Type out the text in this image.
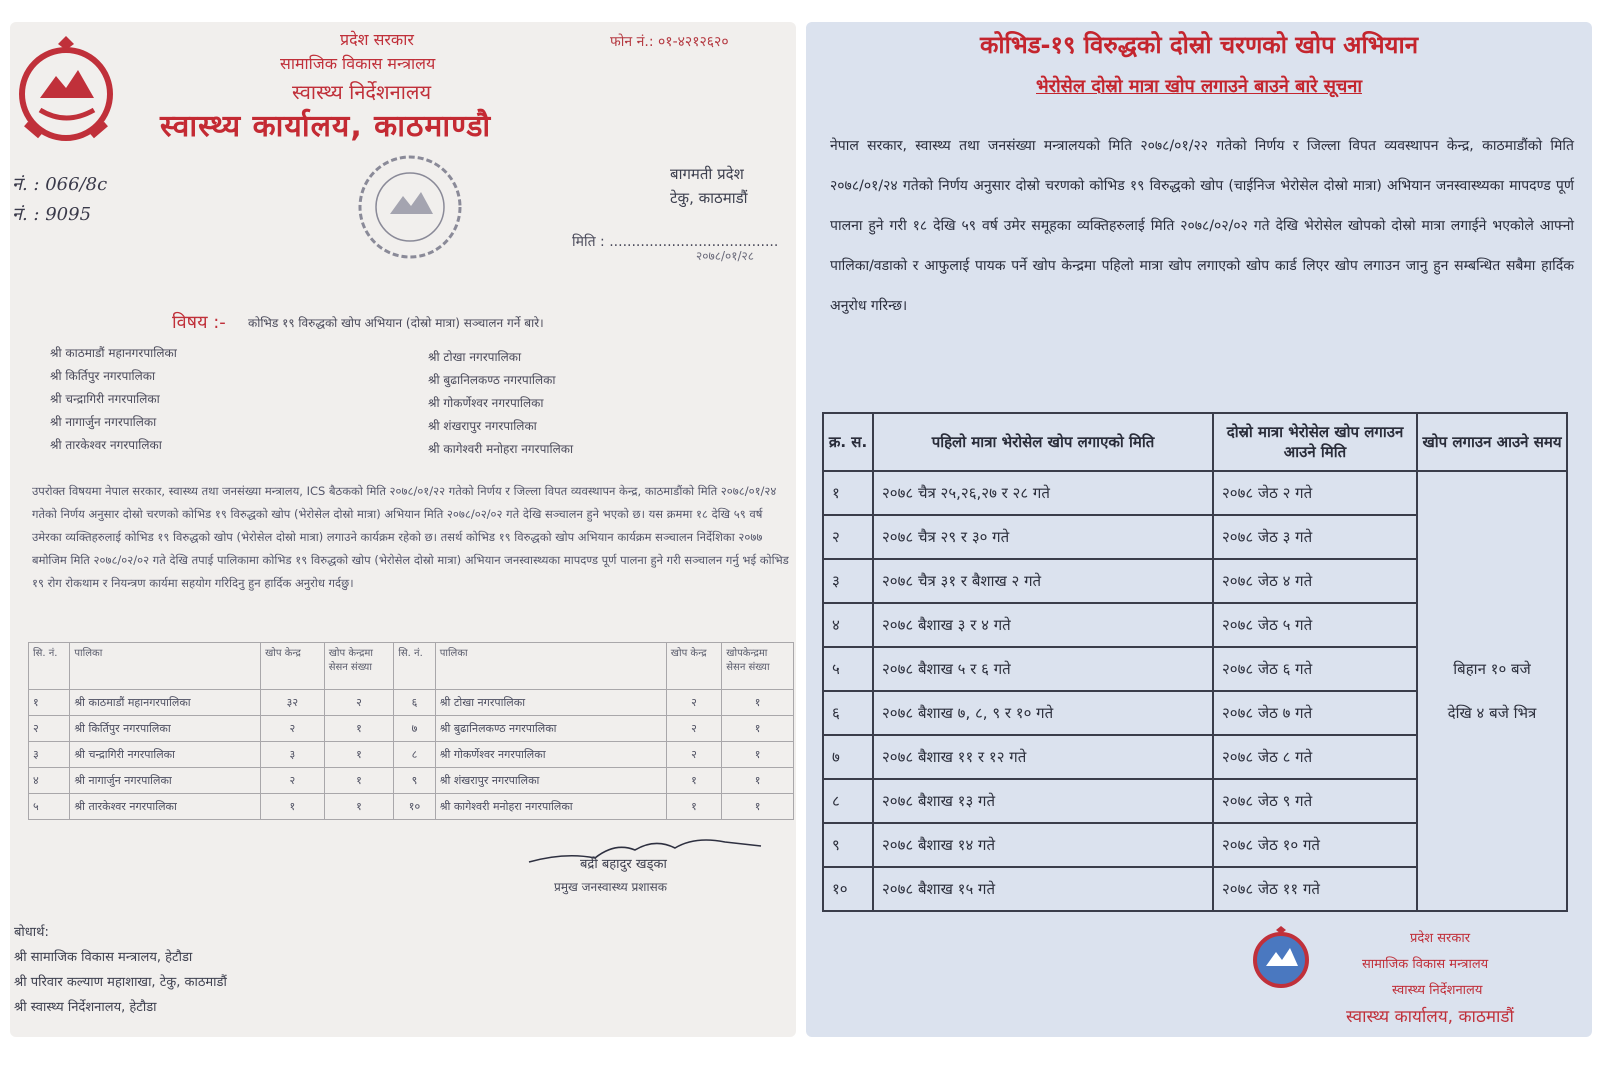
प्रदेश सरकार
सामाजिक विकास मन्त्रालय
स्वास्थ्य निर्देशनालय
स्वास्थ्य कार्यालय, काठमाण्डौ
फोन नं.: ०१-४२१२६२०
नं. : 066/8c
नं. : 9095
बागमती प्रदेश
टेकु, काठमाडौं
मिति : ......................................
२०७८/०१/२८
विषय :- कोभिड १९ विरुद्धको खोप अभियान (दोस्रो मात्रा) सञ्चालन गर्ने बारे।
श्री काठमाडौं महानगरपालिका
श्री किर्तिपुर नगरपालिका
श्री चन्द्रागिरी नगरपालिका
श्री नागार्जुन नगरपालिका
श्री तारकेश्वर नगरपालिका
श्री टोखा नगरपालिका
श्री बुढानिलकण्ठ नगरपालिका
श्री गोकर्णेश्वर नगरपालिका
श्री शंखरापुर नगरपालिका
श्री कागेश्वरी मनोहरा नगरपालिका
उपरोक्त विषयमा नेपाल सरकार, स्वास्थ्य तथा जनसंख्या मन्त्रालय, ICS बैठकको मिति २०७८/०१/२२ गतेको निर्णय र जिल्ला विपत व्यवस्थापन केन्द्र, काठमाडौंको मिति २०७८/०१/२४ गतेको निर्णय अनुसार दोस्रो चरणको कोभिड १९ विरुद्धको खोप (भेरोसेल दोस्रो मात्रा) अभियान मिति २०७८/०२/०२ गते देखि सञ्चालन हुने भएको छ। यस क्रममा १८ देखि ५९ वर्ष उमेरका व्यक्तिहरुलाई कोभिड १९ विरुद्धको खोप (भेरोसेल दोस्रो मात्रा) लगाउने कार्यक्रम रहेको छ। तसर्थ कोभिड १९ विरुद्धको खोप अभियान कार्यक्रम सञ्चालन निर्देशिका २०७७ बमोजिम मिति २०७८/०२/०२ गते देखि तपाई पालिकामा कोभिड १९ विरुद्धको खोप (भेरोसेल दोस्रो मात्रा) अभियान जनस्वास्थ्यका मापदण्ड पूर्ण पालना हुने गरी सञ्चालन गर्नु भई कोभिड १९ रोग रोकथाम र नियन्त्रण कार्यमा सहयोग गरिदिनु हुन हार्दिक अनुरोध गर्दछु।
सि. नं.	पालिका	खोप केन्द्र	खोप केन्द्रमा सेसन संख्या	सि. नं.	पालिका	खोप केन्द्र	खोपकेन्द्रमा सेसन संख्या
१	श्री काठमाडौं महानगरपालिका	३२	२	६	श्री टोखा नगरपालिका	२	१
२	श्री किर्तिपुर नगरपालिका	२	१	७	श्री बुढानिलकण्ठ नगरपालिका	२	१
३	श्री चन्द्रागिरी नगरपालिका	३	१	८	श्री गोकर्णेश्वर नगरपालिका	२	१
४	श्री नागार्जुन नगरपालिका	२	१	९	श्री शंखरापुर नगरपालिका	१	१
५	श्री तारकेश्वर नगरपालिका	१	१	१०	श्री कागेश्वरी मनोहरा नगरपालिका	१	१
बद्री बहादुर खड्का
प्रमुख जनस्वास्थ्य प्रशासक
बोधार्थ:
श्री सामाजिक विकास मन्त्रालय, हेटौडा
श्री परिवार कल्याण महाशाखा, टेकु, काठमाडौं
श्री स्वास्थ्य निर्देशनालय, हेटौडा
कोभिड-१९ विरुद्धको दोस्रो चरणको खोप अभियान
भेरोसेल दोस्रो मात्रा खोप लगाउने बाउने बारे सूचना
नेपाल सरकार, स्वास्थ्य तथा जनसंख्या मन्त्रालयको मिति २०७८/०१/२२ गतेको निर्णय र जिल्ला विपत व्यवस्थापन केन्द्र, काठमाडौंको मिति २०७८/०१/२४ गतेको निर्णय अनुसार दोस्रो चरणको कोभिड १९ विरुद्धको खोप (चाईनिज भेरोसेल दोस्रो मात्रा) अभियान जनस्वास्थ्यका मापदण्ड पूर्ण पालना हुने गरी १८ देखि ५९ वर्ष उमेर समूहका व्यक्तिहरुलाई मिति २०७८/०२/०२ गते देखि भेरोसेल खोपको दोस्रो मात्रा लगाईने भएकोले आफ्नो पालिका/वडाको र आफुलाई पायक पर्ने खोप केन्द्रमा पहिलो मात्रा खोप लगाएको खोप कार्ड लिएर खोप लगाउन जानु हुन सम्बन्धित सबैमा हार्दिक अनुरोध गरिन्छ।
क्र. स.	पहिलो मात्रा भेरोसेल खोप लगाएको मिति	दोस्रो मात्रा भेरोसेल खोप लगाउन आउने मिति	खोप लगाउन आउने समय
१	२०७८ चैत्र २५,२६,२७ र २८ गते	२०७८ जेठ २ गते	बिहान १० बजे
देखि ४ बजे भित्र

२	२०७८ चैत्र २९ र ३० गते	२०७८ जेठ ३ गते	
३	२०७८ चैत्र ३१ र बैशाख २ गते	२०७८ जेठ ४ गते	
४	२०७८ बैशाख ३ र ४ गते	२०७८ जेठ ५ गते	
५	२०७८ बैशाख ५ र ६ गते	२०७८ जेठ ६ गते	
६	२०७८ बैशाख ७, ८, ९ र १० गते	२०७८ जेठ ७ गते	
७	२०७८ बैशाख ११ र १२ गते	२०७८ जेठ ८ गते	
८	२०७८ बैशाख १३ गते	२०७८ जेठ ९ गते	
९	२०७८ बैशाख १४ गते	२०७८ जेठ १० गते	
१०	२०७८ बैशाख १५ गते	२०७८ जेठ ११ गते	
प्रदेश सरकार
सामाजिक विकास मन्त्रालय
स्वास्थ्य निर्देशनालय
स्वास्थ्य कार्यालय, काठमाडौं
